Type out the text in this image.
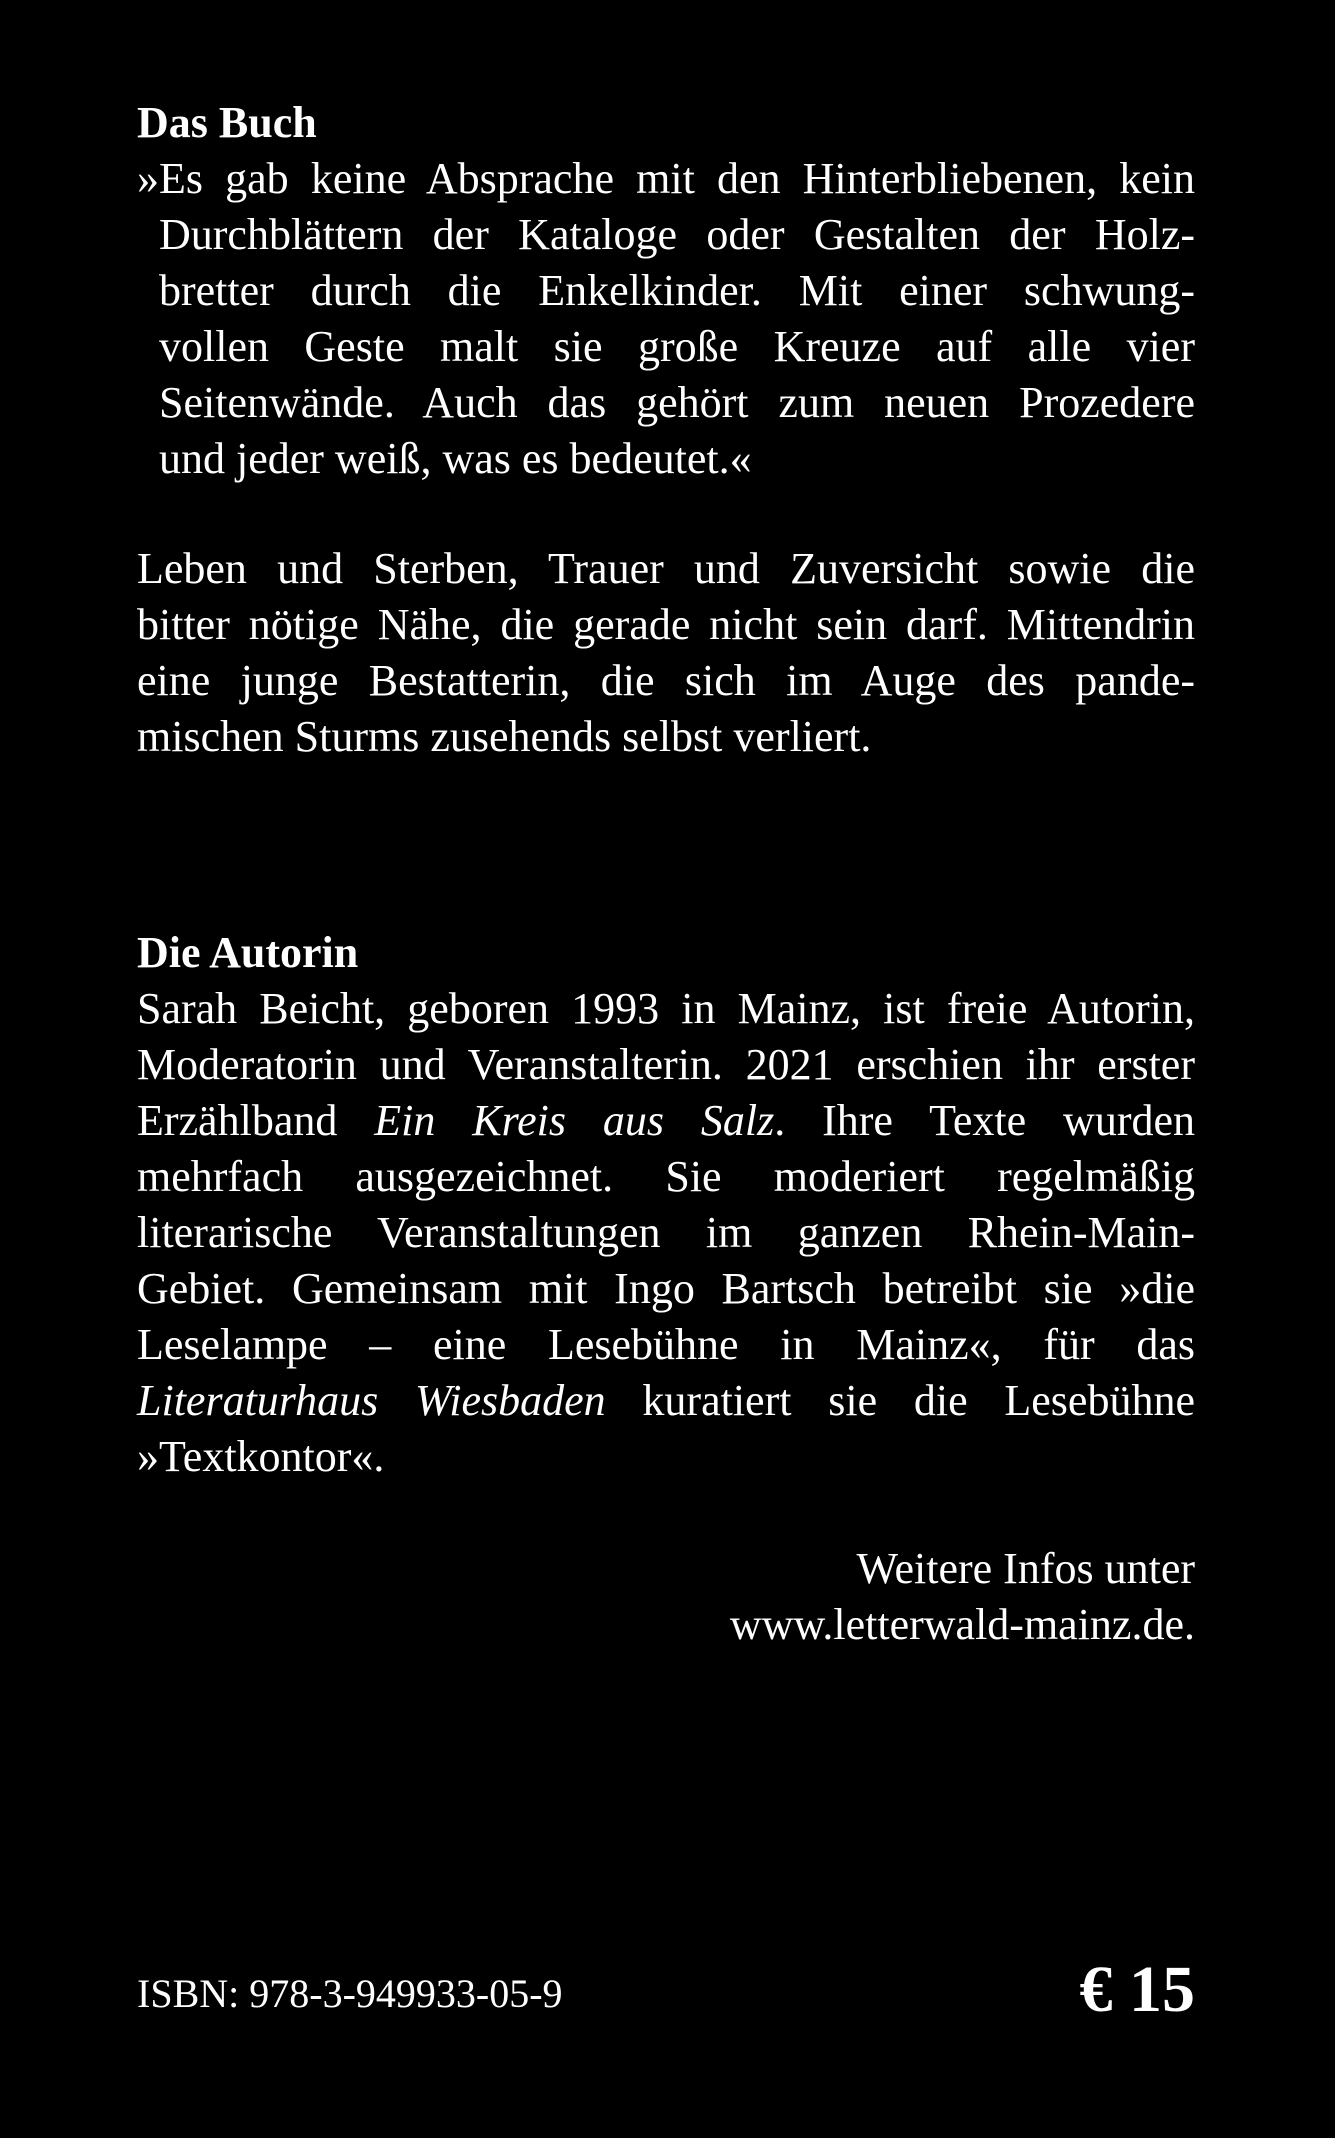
Das Buch
»Es gab keine Absprache mit den Hinterbliebenen, kein
Durchblättern der Kataloge oder Gestalten der Holz-
bretter durch die Enkelkinder. Mit einer schwung-
vollen Geste malt sie große Kreuze auf alle vier
Seitenwände. Auch das gehört zum neuen Prozedere
und jeder weiß, was es bedeutet.«
Leben und Sterben, Trauer und Zuversicht sowie die
bitter nötige Nähe, die gerade nicht sein darf. Mittendrin
eine junge Bestatterin, die sich im Auge des pande-
mischen Sturms zusehends selbst verliert.
Die Autorin
Sarah Beicht, geboren 1993 in Mainz, ist freie Autorin,
Moderatorin und Veranstalterin. 2021 erschien ihr erster
Erzählband Ein Kreis aus Salz. Ihre Texte wurden
mehrfach ausgezeichnet. Sie moderiert regelmäßig
literarische Veranstaltungen im ganzen Rhein-Main-
Gebiet. Gemeinsam mit Ingo Bartsch betreibt sie »die
Leselampe – eine Lesebühne in Mainz«, für das
Literaturhaus Wiesbaden kuratiert sie die Lesebühne
»Textkontor«.
Weitere Infos unter
www.letterwald-mainz.de.
ISBN: 978-3-949933-05-9	€ 15
